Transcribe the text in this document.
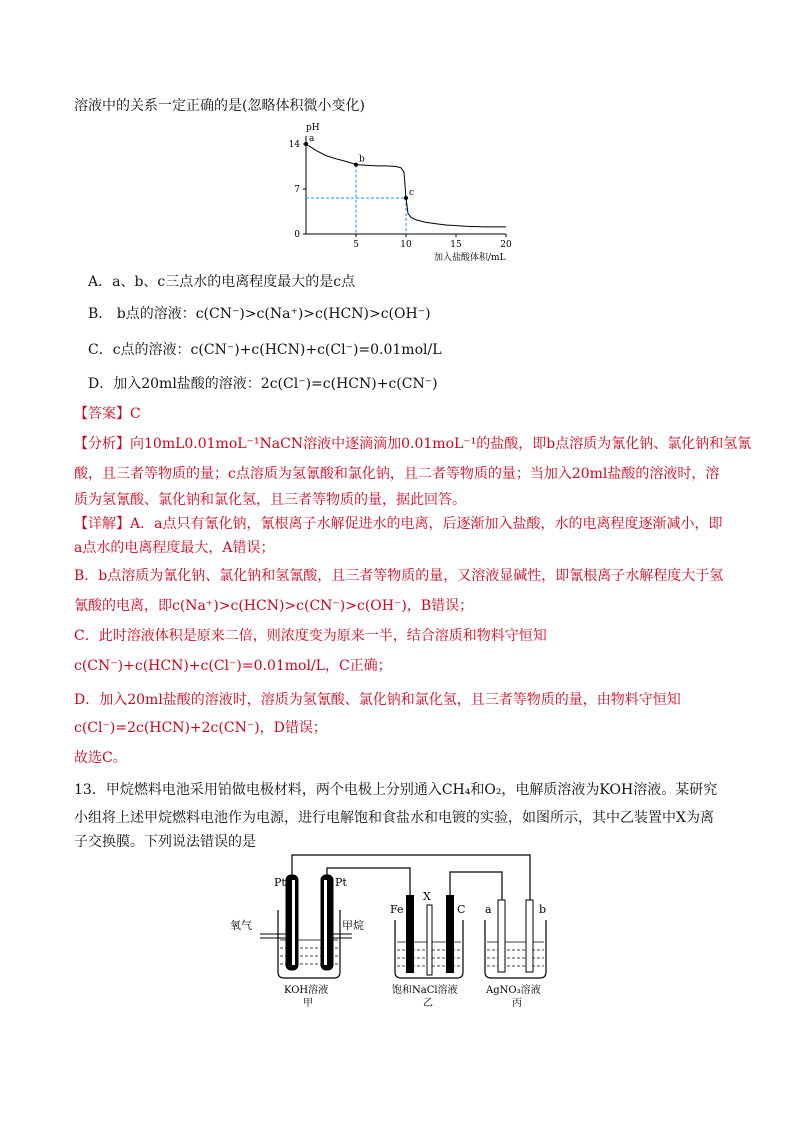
溶液中的关系一定正确的是(忽略体积微小变化)
pH
0
7
14
5	10	15	20
a
b
c
加入盐酸体积/mL
A．a、b、c三点水的电离程度最大的是c点
B． b点的溶液：c(CN⁻)>c(Na⁺)>c(HCN)>c(OH⁻)
C．c点的溶液：c(CN⁻)+c(HCN)+c(Cl⁻)=0.01mol/L
D．加入20ml盐酸的溶液：2c(Cl⁻)=c(HCN)+c(CN⁻)
【答案】C
【分析】向10mL0.01moL⁻¹NaCN溶液中逐滴滴加0.01moL⁻¹的盐酸，即b点溶质为氰化钠、氯化钠和氢氰
酸，且三者等物质的量；c点溶质为氢氰酸和氯化钠，且二者等物质的量；当加入20ml盐酸的溶液时，溶
质为氢氰酸、氯化钠和氯化氢，且三者等物质的量，据此回答。
【详解】A．a点只有氰化钠，氰根离子水解促进水的电离，后逐渐加入盐酸，水的电离程度逐渐减小，即
a点水的电离程度最大，A错误；
B．b点溶质为氰化钠、氯化钠和氢氰酸，且三者等物质的量，又溶液显碱性，即氰根离子水解程度大于氢
氰酸的电离，即c(Na⁺)>c(HCN)>c(CN⁻)>c(OH⁻)，B错误；
C．此时溶液体积是原来二倍，则浓度变为原来一半，结合溶质和物料守恒知
c(CN⁻)+c(HCN)+c(Cl⁻)=0.01mol/L，C正确；
D．加入20ml盐酸的溶液时，溶质为氢氰酸、氯化钠和氯化氢，且三者等物质的量，由物料守恒知
c(Cl⁻)=2c(HCN)+2c(CN⁻)，D错误；
故选C。
13．甲烷燃料电池采用铂做电极材料，两个电极上分别通入CH₄和O₂，电解质溶液为KOH溶液。某研究
小组将上述甲烷燃料电池作为电源，进行电解饱和食盐水和电镀的实验，如图所示，其中乙装置中X为离
子交换膜。下列说法错误的是
Pt	Pt
氧气	甲烷
KOH溶液
甲
Fe
X
C
饱和NaCl溶液
乙
a	b
AgNO₃溶液
丙
